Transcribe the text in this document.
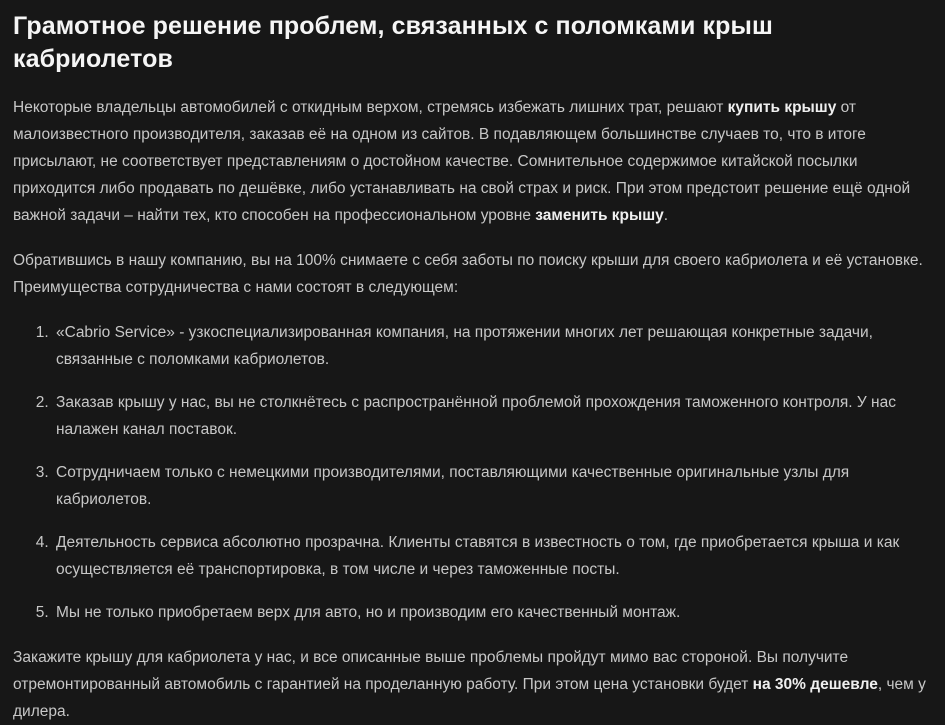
Грамотное решение проблем, связанных с поломками крыш кабриолетов

Некоторые владельцы автомобилей с откидным верхом, стремясь избежать лишних трат, решают купить крышу от малоизвестного производителя, заказав её на одном из сайтов. В подавляющем большинстве случаев то, что в итоге присылают, не соответствует представлениям о достойном качестве. Сомнительное содержимое китайской посылки приходится либо продавать по дешёвке, либо устанавливать на свой страх и риск. При этом предстоит решение ещё одной важной задачи – найти тех, кто способен на профессиональном уровне заменить крышу.

Обратившись в нашу компанию, вы на 100% снимаете с себя заботы по поиску крыши для своего кабриолета и её установке. Преимущества сотрудничества с нами состоят в следующем:

1. «Cabrio Service» - узкоспециализированная компания, на протяжении многих лет решающая конкретные задачи, связанные с поломками кабриолетов.
2. Заказав крышу у нас, вы не столкнётесь с распространённой проблемой прохождения таможенного контроля. У нас налажен канал поставок.
3. Сотрудничаем только с немецкими производителями, поставляющими качественные оригинальные узлы для кабриолетов.
4. Деятельность сервиса абсолютно прозрачна. Клиенты ставятся в известность о том, где приобретается крыша и как осуществляется её транспортировка, в том числе и через таможенные посты.
5. Мы не только приобретаем верх для авто, но и производим его качественный монтаж.

Закажите крышу для кабриолета у нас, и все описанные выше проблемы пройдут мимо вас стороной. Вы получите отремонтированный автомобиль с гарантией на проделанную работу. При этом цена установки будет на 30% дешевле, чем у дилера.
